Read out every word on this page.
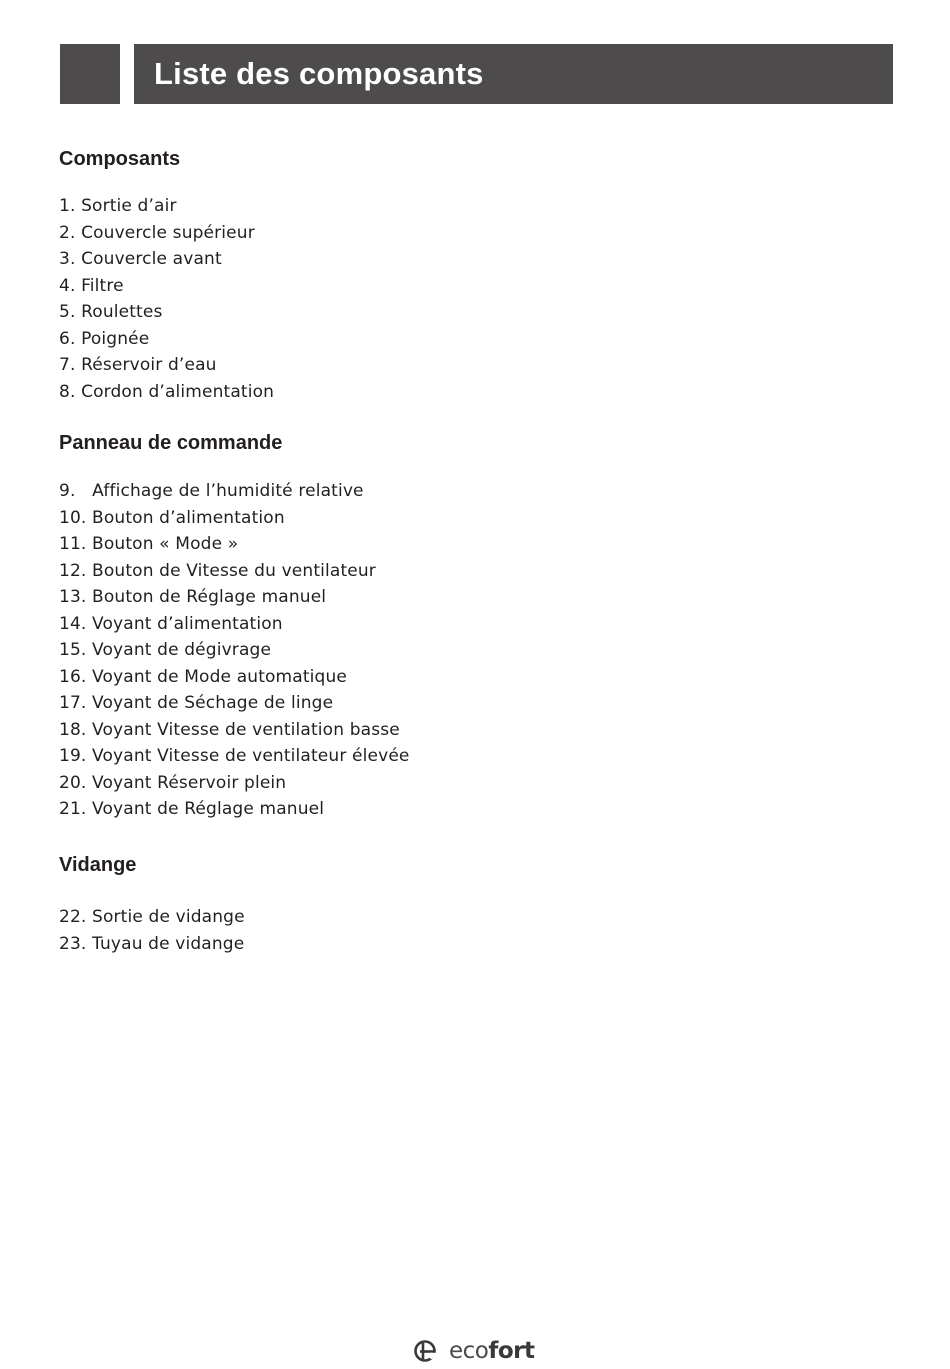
Liste des composants
Composants
1. Sortie d’air
2. Couvercle supérieur
3. Couvercle avant
4. Filtre
5. Roulettes
6. Poignée
7. Réservoir d’eau
8. Cordon d’alimentation
Panneau de commande
9.   Affichage de l’humidité relative
10. Bouton d’alimentation
11. Bouton « Mode »
12. Bouton de Vitesse du ventilateur
13. Bouton de Réglage manuel
14. Voyant d’alimentation
15. Voyant de dégivrage
16. Voyant de Mode automatique
17. Voyant de Séchage de linge
18. Voyant Vitesse de ventilation basse
19. Voyant Vitesse de ventilateur élevée
20. Voyant Réservoir plein
21. Voyant de Réglage manuel
Vidange
22. Sortie de vidange
23. Tuyau de vidange
ecofort
